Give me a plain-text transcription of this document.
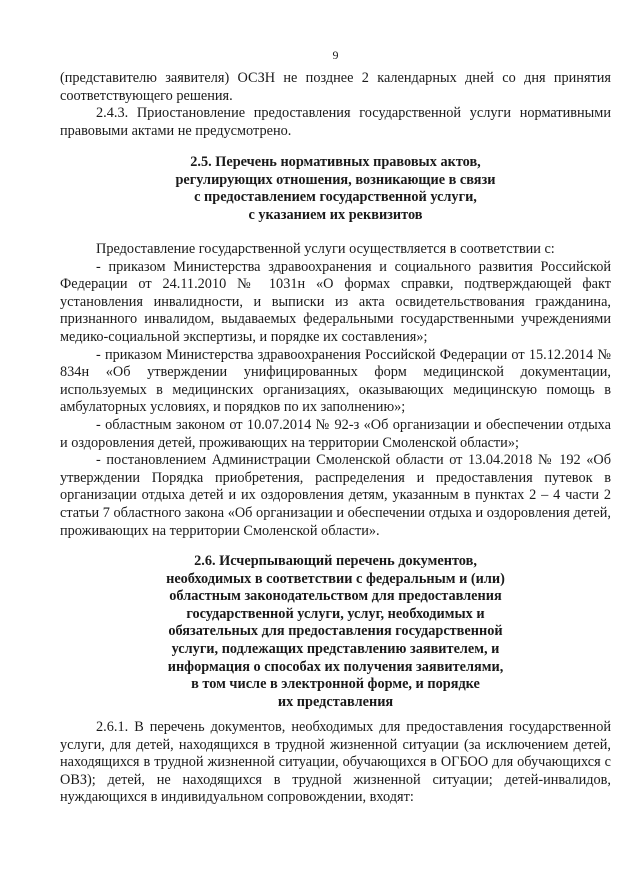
9

(представителю заявителя) ОСЗН не позднее 2 календарных дней со дня принятия соответствующего решения.

2.4.3. Приостановление предоставления государственной услуги нормативными правовыми актами не предусмотрено.

2.5. Перечень нормативных правовых актов,
регулирующих отношения, возникающие в связи
с предоставлением государственной услуги,
с указанием их реквизитов

Предоставление государственной услуги осуществляется в соответствии с:

- приказом Министерства здравоохранения и социального развития Российской Федерации от 24.11.2010 № 1031н «О формах справки, подтверждающей факт установления инвалидности, и выписки из акта освидетельствования гражданина, признанного инвалидом, выдаваемых федеральными государственными учреждениями медико-социальной экспертизы, и порядке их составления»;

- приказом Министерства здравоохранения Российской Федерации от 15.12.2014 № 834н «Об утверждении унифицированных форм медицинской документации, используемых в медицинских организациях, оказывающих медицинскую помощь в амбулаторных условиях, и порядков по их заполнению»;

- областным законом от 10.07.2014 № 92-з «Об организации и обеспечении отдыха и оздоровления детей, проживающих на территории Смоленской области»;

- постановлением Администрации Смоленской области от 13.04.2018 № 192 «Об утверждении Порядка приобретения, распределения и предоставления путевок в организации отдыха детей и их оздоровления детям, указанным в пунктах 2 – 4 части 2 статьи 7 областного закона «Об организации и обеспечении отдыха и оздоровления детей, проживающих на территории Смоленской области».

2.6. Исчерпывающий перечень документов,
необходимых в соответствии с федеральным и (или)
областным законодательством для предоставления
государственной услуги, услуг, необходимых и
обязательных для предоставления государственной
услуги, подлежащих представлению заявителем, и
информация о способах их получения заявителями,
в том числе в электронной форме, и порядке
их представления

2.6.1. В перечень документов, необходимых для предоставления государственной услуги, для детей, находящихся в трудной жизненной ситуации (за исключением детей, находящихся в трудной жизненной ситуации, обучающихся в ОГБОО для обучающихся с ОВЗ); детей, не находящихся в трудной жизненной ситуации; детей-инвалидов, нуждающихся в индивидуальном сопровождении, входят:
